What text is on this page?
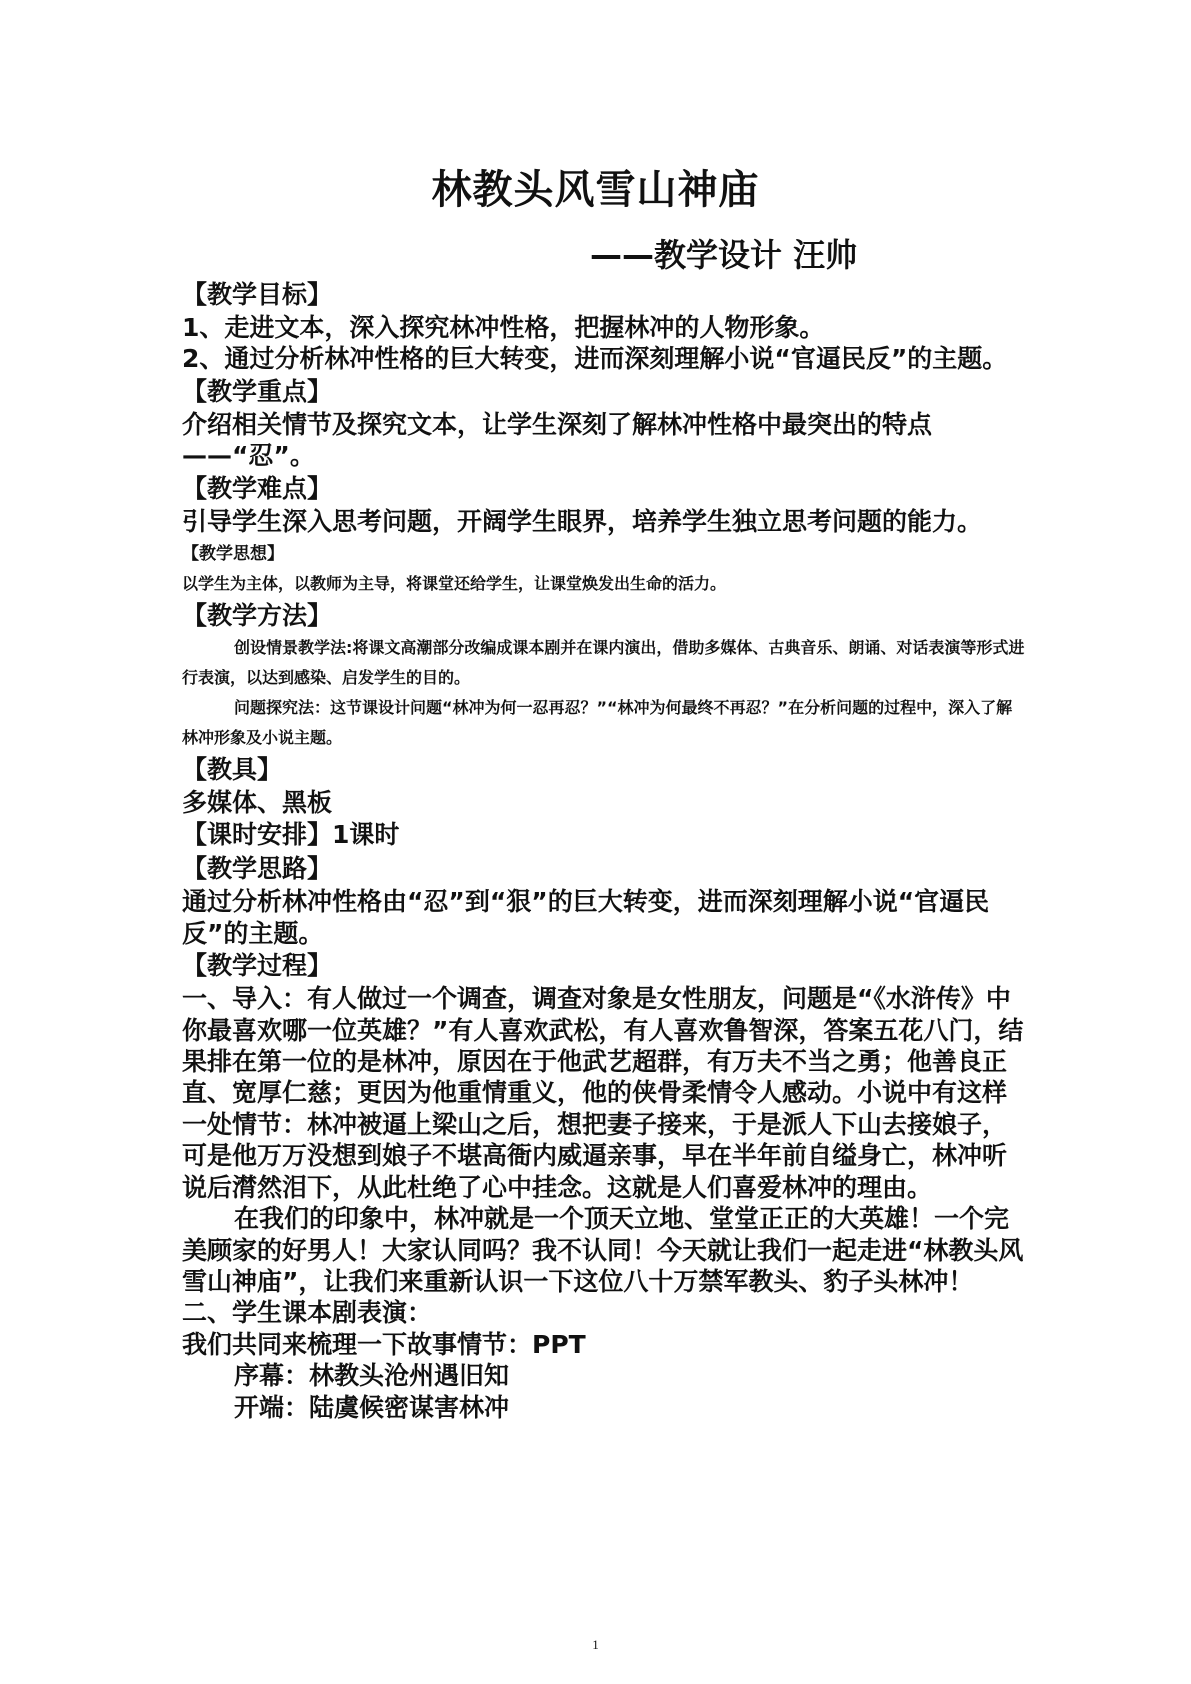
林教头风雪山神庙
——教学设计 汪帅
【教学目标】
1、走进文本，深入探究林冲性格，把握林冲的人物形象。
2、通过分析林冲性格的巨大转变，进而深刻理解小说“官逼民反”的主题。
【教学重点】
介绍相关情节及探究文本，让学生深刻了解林冲性格中最突出的特点——“忍”。
【教学难点】
引导学生深入思考问题，开阔学生眼界，培养学生独立思考问题的能力。
【教学思想】
以学生为主体，以教师为主导，将课堂还给学生，让课堂焕发出生命的活力。
【教学方法】
创设情景教学法:将课文高潮部分改编成课本剧并在课内演出，借助多媒体、古典音乐、朗诵、对话表演等形式进行表演，以达到感染、启发学生的目的。
问题探究法：这节课设计问题“林冲为何一忍再忍？”“林冲为何最终不再忍？”在分析问题的过程中，深入了解林冲形象及小说主题。
【教具】
多媒体、黑板
【课时安排】1课时
【教学思路】
通过分析林冲性格由“忍”到“狠”的巨大转变，进而深刻理解小说“官逼民反”的主题。
【教学过程】
一、导入：有人做过一个调查，调查对象是女性朋友，问题是“《水浒传》中你最喜欢哪一位英雄？”有人喜欢武松，有人喜欢鲁智深，答案五花八门，结果排在第一位的是林冲，原因在于他武艺超群，有万夫不当之勇；他善良正直、宽厚仁慈；更因为他重情重义，他的侠骨柔情令人感动。小说中有这样一处情节：林冲被逼上梁山之后，想把妻子接来，于是派人下山去接娘子，可是他万万没想到娘子不堪高衙内威逼亲事，早在半年前自缢身亡，林冲听说后潸然泪下，从此杜绝了心中挂念。这就是人们喜爱林冲的理由。
在我们的印象中，林冲就是一个顶天立地、堂堂正正的大英雄！一个完美顾家的好男人！大家认同吗？我不认同！今天就让我们一起走进“林教头风雪山神庙”，让我们来重新认识一下这位八十万禁军教头、豹子头林冲！
二、学生课本剧表演：
我们共同来梳理一下故事情节：PPT
序幕：林教头沧州遇旧知
开端：陆虞候密谋害林冲
1
